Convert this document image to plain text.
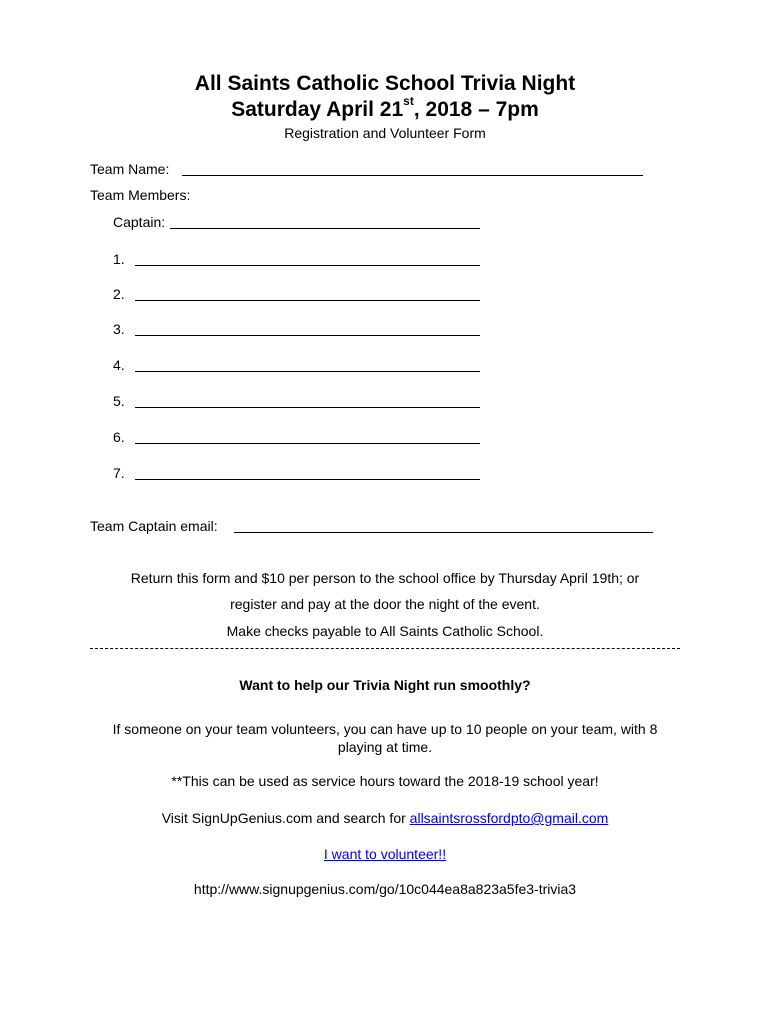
All Saints Catholic School Trivia Night
Saturday April 21st, 2018 – 7pm
Registration and Volunteer Form
Team Name:
Team Members:
Captain:
1.
2.
3.
4.
5.
6.
7.
Team Captain email:
Return this form and $10 per person to the school office by Thursday April 19th; or
register and pay at the door the night of the event.
Make checks payable to All Saints Catholic School.
Want to help our Trivia Night run smoothly?
If someone on your team volunteers, you can have up to 10 people on your team, with 8 playing at time.
**This can be used as service hours toward the 2018-19 school year!
Visit SignUpGenius.com and search for allsaintsrossfordpto@gmail.com
I want to volunteer!!
http://www.signupgenius.com/go/10c044ea8a823a5fe3-trivia3
